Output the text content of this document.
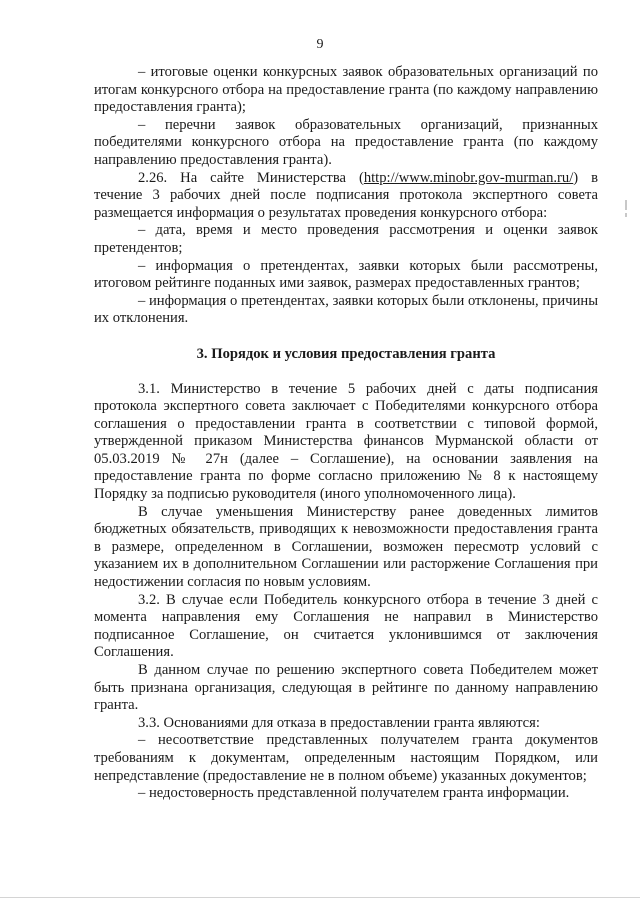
9

– итоговые оценки конкурсных заявок образовательных организаций по итогам конкурсного отбора на предоставление гранта (по каждому направлению предоставления гранта);

– перечни заявок образовательных организаций, признанных победителями конкурсного отбора на предоставление гранта (по каждому направлению предоставления гранта).

2.26. На сайте Министерства (http://www.minobr.gov-murman.ru/) в течение 3 рабочих дней после подписания протокола экспертного совета размещается информация о результатах проведения конкурсного отбора:

– дата, время и место проведения рассмотрения и оценки заявок претендентов;

– информация о претендентах, заявки которых были рассмотрены, итоговом рейтинге поданных ими заявок, размерах предоставленных грантов;

– информация о претендентах, заявки которых были отклонены, причины их отклонения.

3. Порядок и условия предоставления гранта

3.1. Министерство в течение 5 рабочих дней с даты подписания протокола экспертного совета заключает с Победителями конкурсного отбора соглашения о предоставлении гранта в соответствии с типовой формой, утвержденной приказом Министерства финансов Мурманской области от 05.03.2019 № 27н (далее – Соглашение), на основании заявления на предоставление гранта по форме согласно приложению № 8 к настоящему Порядку за подписью руководителя (иного уполномоченного лица).

В случае уменьшения Министерству ранее доведенных лимитов бюджетных обязательств, приводящих к невозможности предоставления гранта в размере, определенном в Соглашении, возможен пересмотр условий с указанием их в дополнительном Соглашении или расторжение Соглашения при недостижении согласия по новым условиям.

3.2. В случае если Победитель конкурсного отбора в течение 3 дней с момента направления ему Соглашения не направил в Министерство подписанное Соглашение, он считается уклонившимся от заключения Соглашения.

В данном случае по решению экспертного совета Победителем может быть признана организация, следующая в рейтинге по данному направлению гранта.

3.3. Основаниями для отказа в предоставлении гранта являются:

– несоответствие представленных получателем гранта документов требованиям к документам, определенным настоящим Порядком, или непредставление (предоставление не в полном объеме) указанных документов;

– недостоверность представленной получателем гранта информации.
